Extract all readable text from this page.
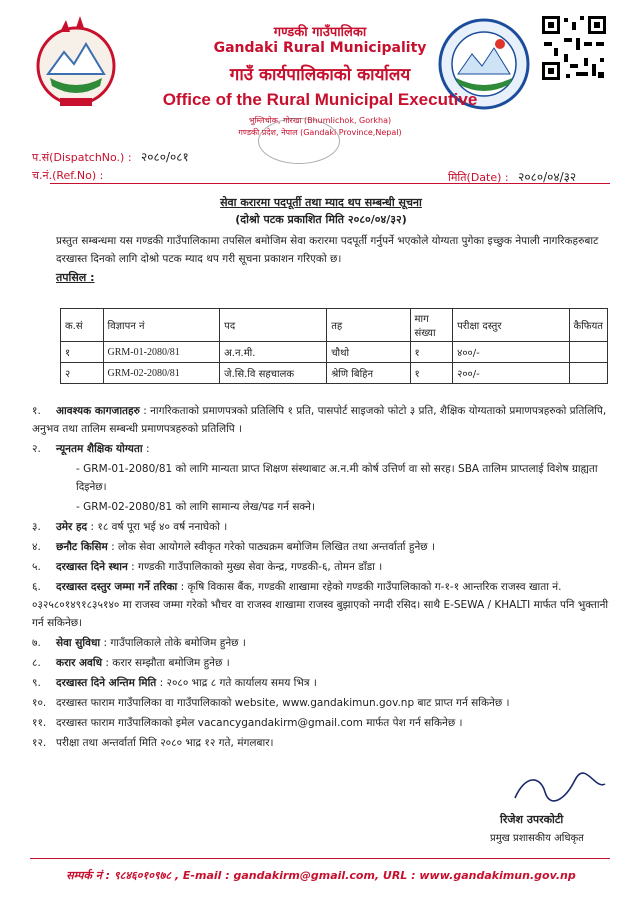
गण्डकी गाउँपालिका
Gandaki Rural Municipality
गाउँ कार्यपालिकाको कार्यालय
Office of the Rural Municipal Executive
भुम्लिचोक, गोरखा (Bhumlichok, Gorkha)
गण्डकी प्रदेश, नेपाल (Gandaki Province,Nepal)
प.सं(DispatchNo.) : २०८०/०८१
च.नं.(Ref.No) :	मिति(Date) : २०८०/०४/३२
सेवा करारमा पदपूर्ती तथा म्याद थप सम्बन्धी सूचना
(दोश्रो पटक प्रकाशित मिति २०८०/०४/३२)
प्रस्तुत सम्बन्धमा यस गण्डकी गाउँपालिकामा तपसिल बमोजिम सेवा करारमा पदपूर्ती गर्नुपर्ने भएकोले योग्यता पुगेका इच्छुक नेपाली नागरिकहरुबाट दरखास्त दिनको लागि दोश्रो पटक म्याद थप गरी सूचना प्रकाशन गरिएको छ।
तपसिल :
क.सं	विज्ञापन नं	पद	तह	माग संख्या	परीक्षा दस्तुर	कैफियत
१	GRM-01-2080/81	अ.न.मी.	चौथो	१	४००/-	
२	GRM-02-2080/81	जे.सि.वि सहचालक	श्रेणि बिहिन	१	२००/-	
१. आवश्यक कागजातहरु : नागरिकताको प्रमाणपत्रको प्रतिलिपि १ प्रति, पासपोर्ट साइजको फोटो ३ प्रति, शैक्षिक योग्यताको प्रमाणपत्रहरुको प्रतिलिपि, अनुभव तथा तालिम सम्बन्धी प्रमाणपत्रहरुको प्रतिलिपि ।
२. न्यूनतम शैक्षिक योग्यता :
- GRM-01-2080/81 को लागि मान्यता प्राप्त शिक्षण संस्थाबाट अ.न.मी कोर्ष उत्तिर्ण वा सो सरह। SBA तालिम प्राप्तलाई विशेष ग्राह्यता दिइनेछ।
- GRM-02-2080/81 को लागि सामान्य लेख/पढ गर्न सक्ने।
३. उमेर हद : १८ वर्ष पूरा भई ४० वर्ष ननाघेको ।
४. छनौट किसिम : लोक सेवा आयोगले स्वीकृत गरेको पाठ्यक्रम बमोजिम लिखित तथा अन्तर्वार्ता हुनेछ ।
५. दरखास्त दिने स्थान : गण्डकी गाउँपालिकाको मुख्य सेवा केन्द्र, गण्डकी-६, तोमन डाँडा ।
६. दरखास्त दस्तुर जम्मा गर्ने तरिका : कृषि विकास बैंक, गण्डकी शाखामा रहेको गण्डकी गाउँपालिकाको ग-१-१ आन्तरिक राजस्व खाता नं. ०३२५८०१४९१८३५१४० मा राजस्व जम्मा गरेको भौचर वा राजस्व शाखामा राजस्व बुझाएको नगदी रसिद। साथै E-SEWA / KHALTI मार्फत पनि भुक्तानी गर्न सकिनेछ।
७. सेवा सुविधा : गाउँपालिकाले तोके बमोजिम हुनेछ ।
८. करार अवधि : करार सम्झौता बमोजिम हुनेछ ।
९. दरखास्त दिने अन्तिम मिति : २०८० भाद्र ८ गते कार्यालय समय भित्र ।
१०. दरखास्त फाराम गाउँपालिका वा गाउँपालिकाको website, www.gandakimun.gov.np बाट प्राप्त गर्न सकिनेछ ।
११. दरखास्त फाराम गाउँपालिकाको इमेल vacancygandakirm@gmail.com मार्फत पेश गर्न सकिनेछ ।
१२. परीक्षा तथा अन्तर्वार्ता मिति २०८० भाद्र १२ गते, मंगलबार।
रिजेश उपरकोटी
प्रमुख प्रशासकीय अधिकृत
सम्पर्क नं : ९८४६०१०९७८ , E-mail : gandakirm@gmail.com, URL : www.gandakimun.gov.np
